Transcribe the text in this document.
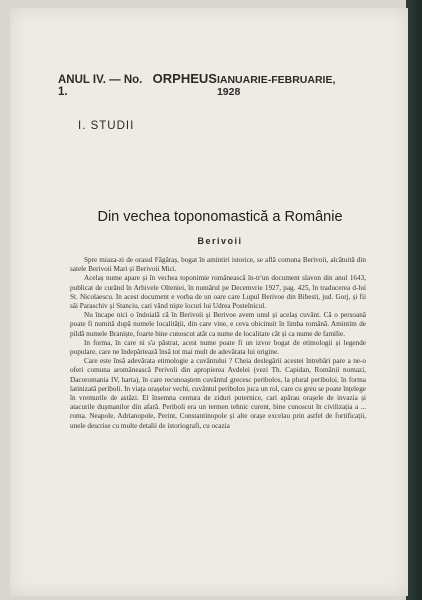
ANUL IV. — No. 1.
ORPHEUS IANUARIE-FEBRUARIE, 1928
I. STUDII
Din vechea toponomastică a Românie
Berivoii

Spre miaza-zi de orasul Făgăraș, bogat în amintiri istorice, se află comuna Berivoii, alcătuită din satele Berivoii Mari și Berivoii Mici.

Acelaș nume apare și în vechea toponimie românească în-tr'un document slavon din anul 1643, publicat de curând în Arhivele Olteniei, în numărul pe Decemvrie 1927, pag. 425, în traducerea d-lui St. Nicolaescu. In acest document e vorba de un oare care Lupul Berivoe din Bibesti, jud. Gorj, și fii săi Paraschiv și Stanciu, cari vând niște locuri lui Udrea Postelnicul.

Nu încape nici o îndoială că în Berivoii și Berivoe avem unul și acelaș cuvânt. Că o persoană poate fi numită după numele localității, din care vine, e ceva obicinuit în limba română. Amintim de pildă numele Braniște, foarte bine cunoscut atât ca nume de localitate cât și ca nume de familie.

In forma, în care ni s'a păstrat, acest nume poate fi un izvor bogat de etimologii și legende populare, care ne îndepărtează însă tot mai mult de adevărata lui origine.

Care este însă adevărata etimologie a cuvântului ? Cheia deslegării acestei întrebări pare a ne-o oferi comuna aromânească Perivoli din apropierea Avdelei (vezi Th. Capidan, Românii nomazi, Dacoromania IV, harta), în care recunoaștem cuvântul grecesc peribolos, la plural periboloi, în forma latinizată periboli. In viața orașelor vechi, cuvântul peribolos juca un rol, care cu greu se poate înțelege în vremurile de astăzi. El însemna centura de ziduri puternice, cari apărau orașele de invazia și atacurile dușmanilor din afară. Periboli era un termen tehnic curent, bine cunoscut în civilizația a ... roma. Neapole, Adrianopole, Perint, Constantinopole și alte orașe excelau prin astfel de fortificații, unele descrise cu multe detalii de istoriografi, cu ocazia
